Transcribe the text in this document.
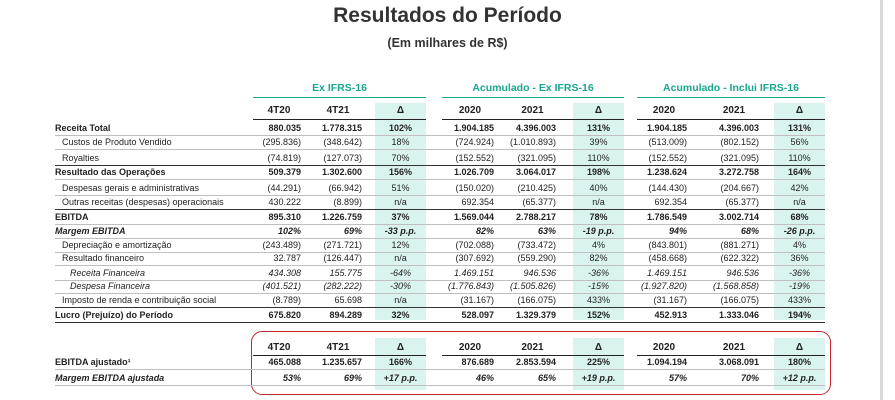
Resultados do Período
(Em milhares de R$)
Ex IFRS-16	Acumulado - Ex IFRS-16	Acumulado - Inclui IFRS-16
4T20	4T21	Δ	2020	2021	Δ	2020	2021	Δ
Receita Total	880.035	1.778.315	102%	1.904.185	4.396.003	131%	1.904.185	4.396.003	131%
Custos de Produto Vendido	(295.836)	(348.642)	18%	(724.924)	(1.010.893)	39%	(513.009)	(802.152)	56%
Royalties	(74.819)	(127.073)	70%	(152.552)	(321.095)	110%	(152.552)	(321.095)	110%
Resultado das Operações	509.379	1.302.600	156%	1.026.709	3.064.017	198%	1.238.624	3.272.758	164%
Despesas gerais e administrativas	(44.291)	(66.942)	51%	(150.020)	(210.425)	40%	(144.430)	(204.667)	42%
Outras receitas (despesas) operacionais	430.222	(8.899)	n/a	692.354	(65.377)	n/a	692.354	(65.377)	n/a
EBITDA	895.310	1.226.759	37%	1.569.044	2.788.217	78%	1.786.549	3.002.714	68%
Margem EBITDA	102%	69%	-33 p.p.	82%	63%	-19 p.p.	94%	68%	-26 p.p.
Depreciação e amortização	(243.489)	(271.721)	12%	(702.088)	(733.472)	4%	(843.801)	(881.271)	4%
Resultado financeiro	32.787	(126.447)	n/a	(307.692)	(559.290)	82%	(458.668)	(622.322)	36%
Receita Financeira	434.308	155.775	-64%	1.469.151	946.536	-36%	1.469.151	946.536	-36%
Despesa Financeira	(401.521)	(282.222)	-30%	(1.776.843)	(1.505.826)	-15%	(1.927.820)	(1.568.858)	-19%
Imposto de renda e contribuição social	(8.789)	65.698	n/a	(31.167)	(166.075)	433%	(31.167)	(166.075)	433%
Lucro (Prejuízo) do Período	675.820	894.289	32%	528.097	1.329.379	152%	452.913	1.333.046	194%
4T20	4T21	Δ	2020	2021	Δ	2020	2021	Δ
EBITDA ajustado¹	465.088	1.235.657	166%	876.689	2.853.594	225%	1.094.194	3.068.091	180%
Margem EBITDA ajustada	53%	69%	+17 p.p.	46%	65%	+19 p.p.	57%	70%	+12 p.p.
